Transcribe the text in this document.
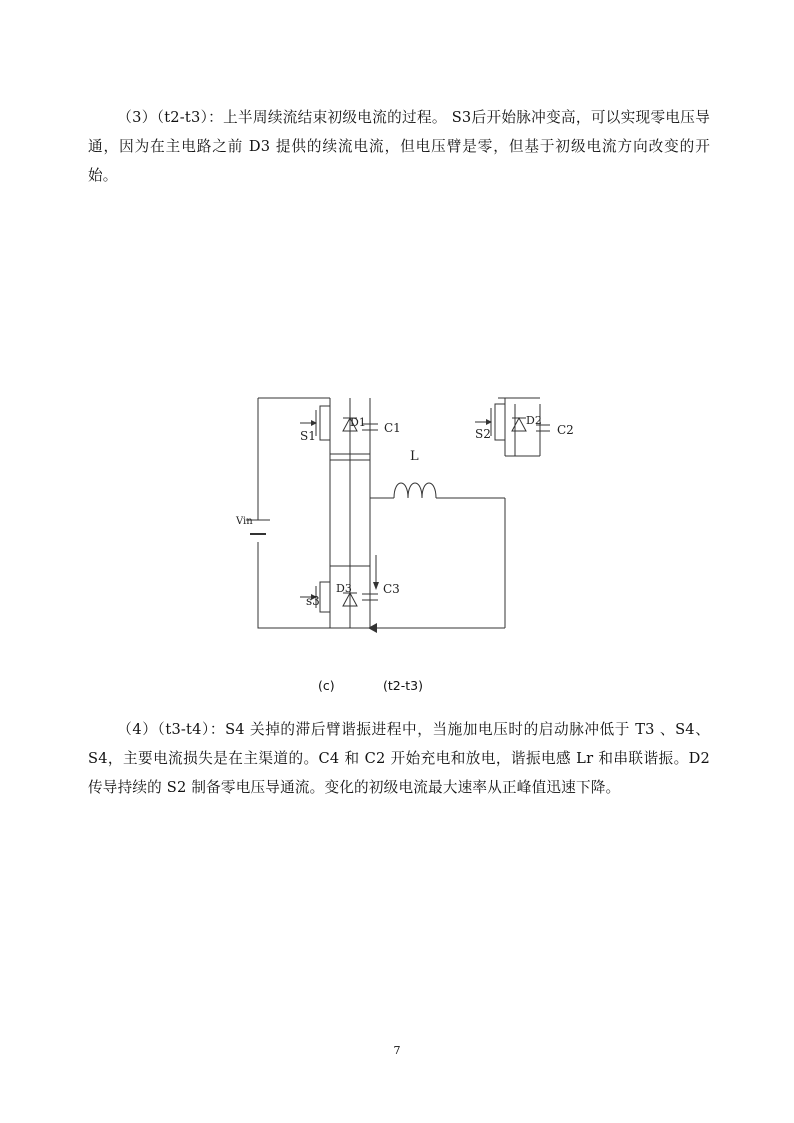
（3）（t2-t3）：上半周续流结束初级电流的过程。 S3后开始脉冲变高，可以实现零电压导通，因为在主电路之前 D3 提供的续流电流，但电压臂是零，但基于初级电流方向改变的开始。

S1
D1 C1	S2
D2
C2
L
Vin
s3
D3	C3
(c)	(t2-t3)

（4）（t3-t4）：S4 关掉的滞后臂谐振进程中，当施加电压时的启动脉冲低于 T3 、S4、 S4，主要电流损失是在主渠道的。C4 和 C2 开始充电和放电，谐振电感 Lr 和串联谐振。D2 传导持续的 S2 制备零电压导通流。变化的初级电流最大速率从正峰值迅速下降。

7
